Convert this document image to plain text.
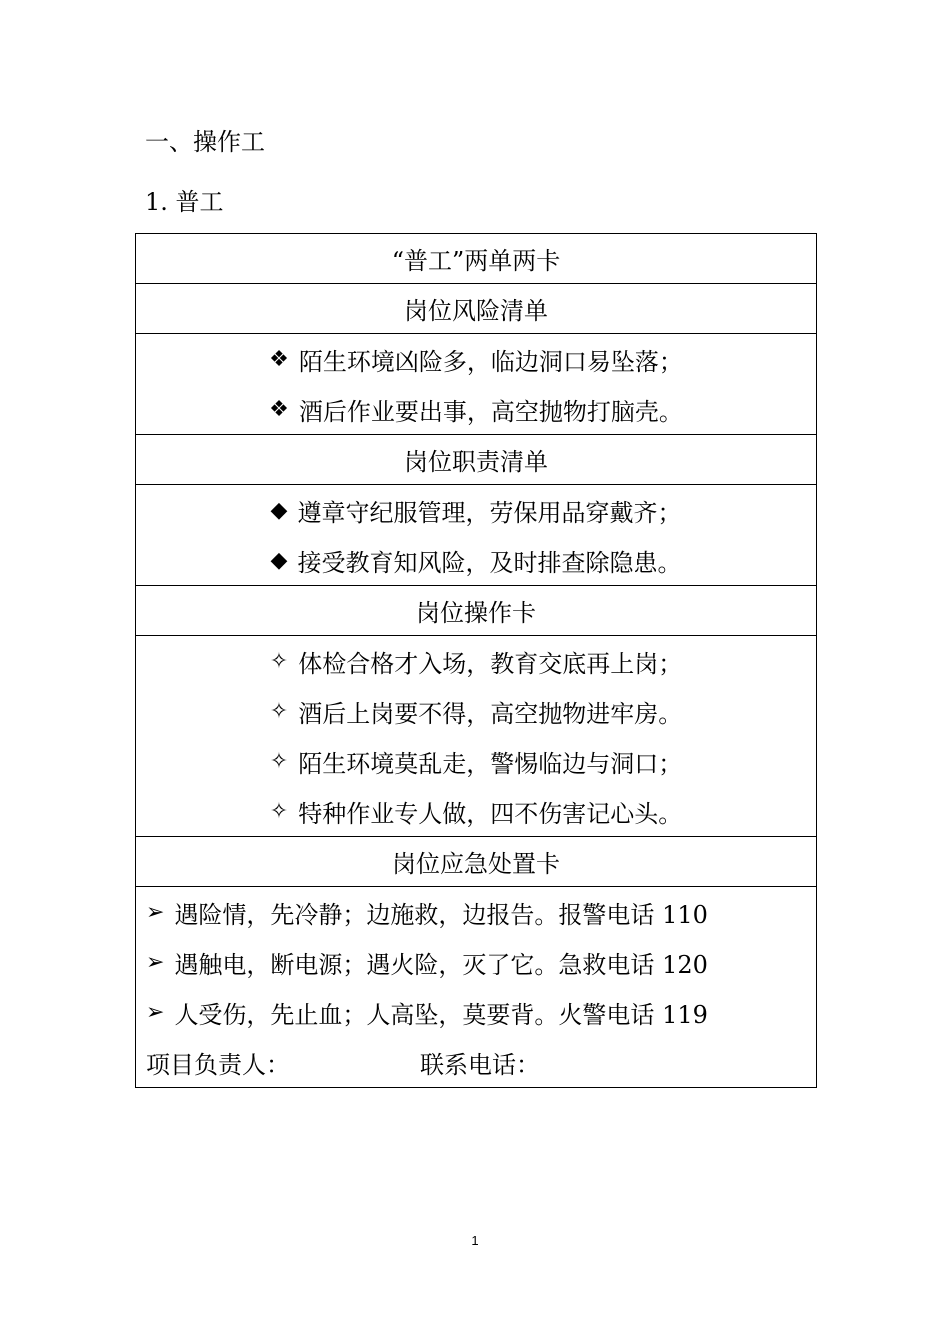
一、操作工
1. 普工
“普工”两单两卡
岗位风险清单
❖ 陌生环境凶险多，临边洞口易坠落；
❖ 酒后作业要出事，高空抛物打脑壳。
岗位职责清单
◆ 遵章守纪服管理，劳保用品穿戴齐；
◆ 接受教育知风险，及时排查除隐患。
岗位操作卡
✧ 体检合格才入场，教育交底再上岗；
✧ 酒后上岗要不得，高空抛物进牢房。
✧ 陌生环境莫乱走，警惕临边与洞口；
✧ 特种作业专人做，四不伤害记心头。
岗位应急处置卡
➢ 遇险情，先冷静；边施救，边报告。报警电话 110
➢ 遇触电，断电源；遇火险，灭了它。急救电话 120
➢ 人受伤，先止血；人高坠，莫要背。火警电话 119
项目负责人：	联系电话：
1
